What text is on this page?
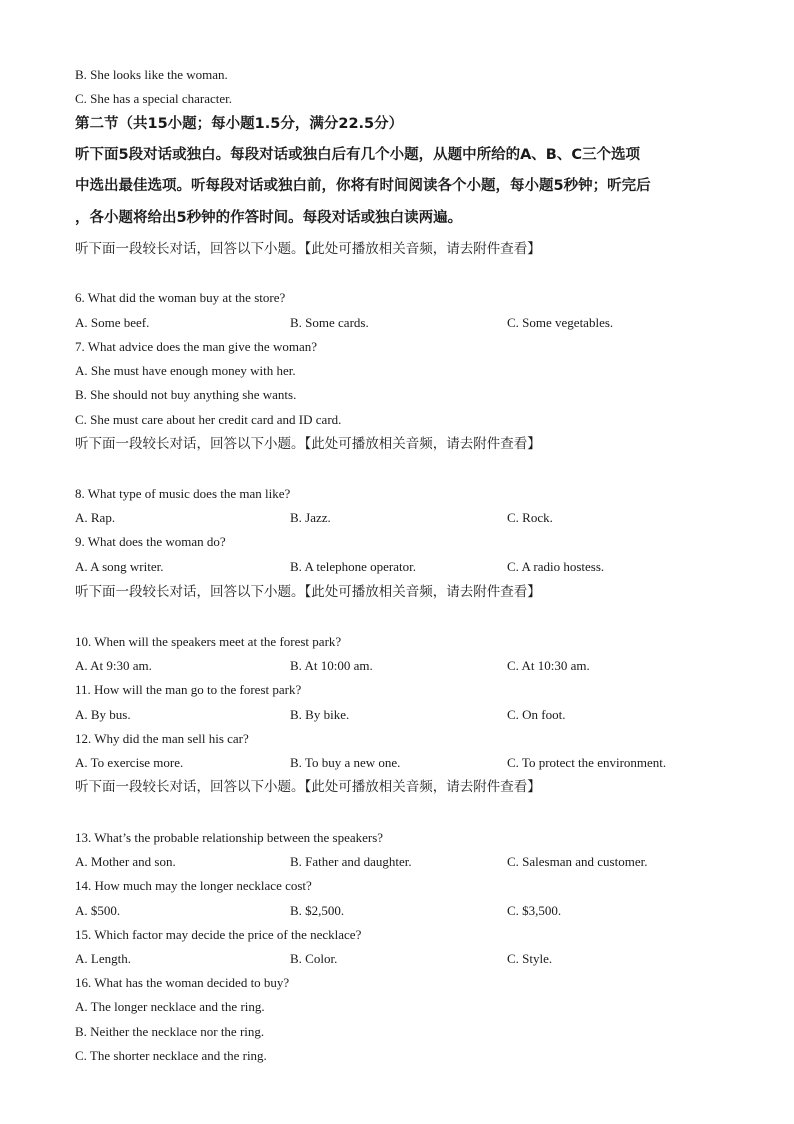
B. She looks like the woman.
C. She has a special character.
第二节（共15小题；每小题1.5分，满分22.5分）
听下面5段对话或独白。每段对话或独白后有几个小题，从题中所给的A、B、C三个选项
中选出最佳选项。听每段对话或独白前，你将有时间阅读各个小题，每小题5秒钟；听完后
，各小题将给出5秒钟的作答时间。每段对话或独白读两遍。
听下面一段较长对话，回答以下小题。【此处可播放相关音频，请去附件查看】
6. What did the woman buy at the store?
A. Some beef.	B. Some cards.	C. Some vegetables.
7. What advice does the man give the woman?
A. She must have enough money with her.
B. She should not buy anything she wants.
C. She must care about her credit card and ID card.
听下面一段较长对话，回答以下小题。【此处可播放相关音频，请去附件查看】
8. What type of music does the man like?
A. Rap.	B. Jazz.	C. Rock.
9. What does the woman do?
A. A song writer.	B. A telephone operator.	C. A radio hostess.
听下面一段较长对话，回答以下小题。【此处可播放相关音频，请去附件查看】
10. When will the speakers meet at the forest park?
A. At 9:30 am.	B. At 10:00 am.	C. At 10:30 am.
11. How will the man go to the forest park?
A. By bus.	B. By bike.	C. On foot.
12. Why did the man sell his car?
A. To exercise more.	B. To buy a new one.	C. To protect the environment.
听下面一段较长对话，回答以下小题。【此处可播放相关音频，请去附件查看】
13. What’s the probable relationship between the speakers?
A. Mother and son.	B. Father and daughter.	C. Salesman and customer.
14. How much may the longer necklace cost?
A. $500.	B. $2,500.	C. $3,500.
15. Which factor may decide the price of the necklace?
A. Length.	B. Color.	C. Style.
16. What has the woman decided to buy?
A. The longer necklace and the ring.
B. Neither the necklace nor the ring.
C. The shorter necklace and the ring.
